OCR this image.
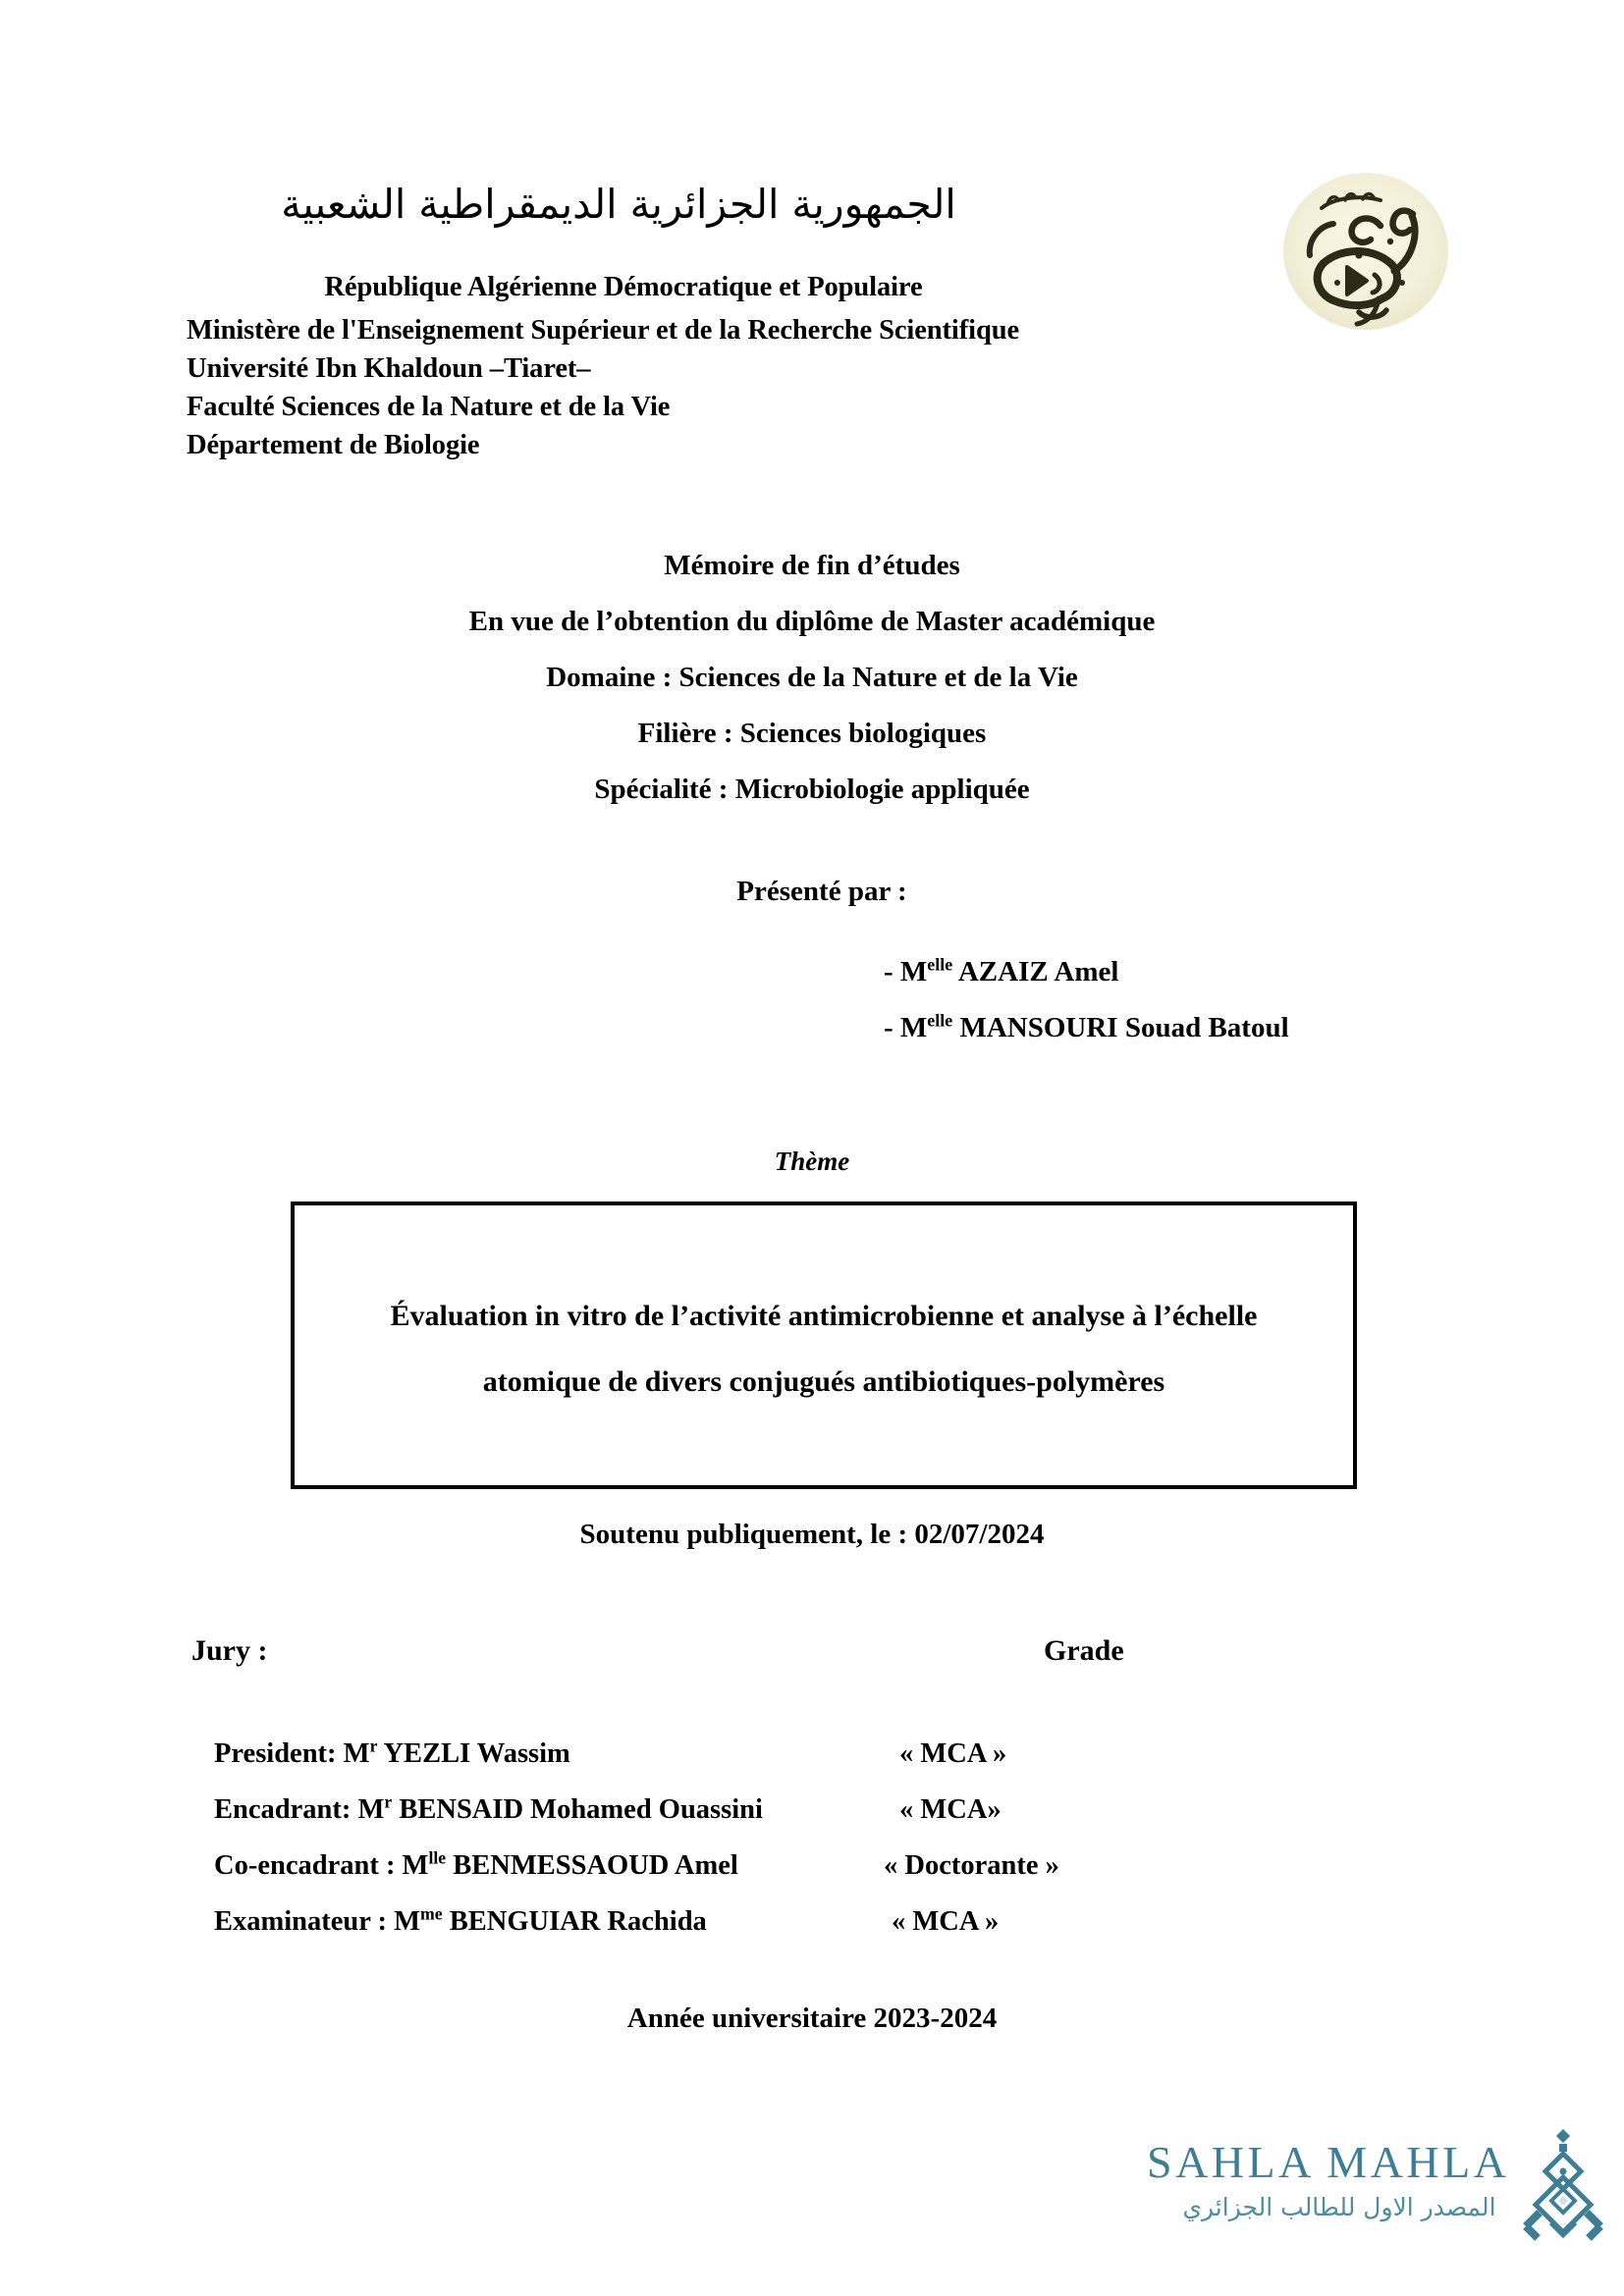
الجمهورية الجزائرية الديمقراطية الشعبية
République Algérienne Démocratique et Populaire
Ministère de l'Enseignement Supérieur et de la Recherche Scientifique
Université Ibn Khaldoun –Tiaret–
Faculté Sciences de la Nature et de la Vie
Département de Biologie
Mémoire de fin d’études
En vue de l’obtention du diplôme de Master académique
Domaine : Sciences de la Nature et de la Vie
Filière : Sciences biologiques
Spécialité : Microbiologie appliquée
Présenté par :
- $M^{elle}$ AZAIZ Amel
- $M^{elle}$ MANSOURI Souad Batoul
Thème
Évaluation in vitro de l’activité antimicrobienne et analyse à l’échelle atomique de divers conjugués antibiotiques-polymères
Soutenu publiquement, le : 02/07/2024
Jury :	Grade
President: $M^r$ YEZLI Wassim	« MCA »
Encadrant: $M^r$ BENSAID Mohamed Ouassini	« MCA»
Co-encadrant : $M^{lle}$ BENMESSAOUD Amel	« Doctorante »
Examinateur : $M^{me}$ BENGUIAR Rachida	« MCA »
Année universitaire 2023-2024
SAHLA MAHLA
المصدر الاول للطالب الجزائري
